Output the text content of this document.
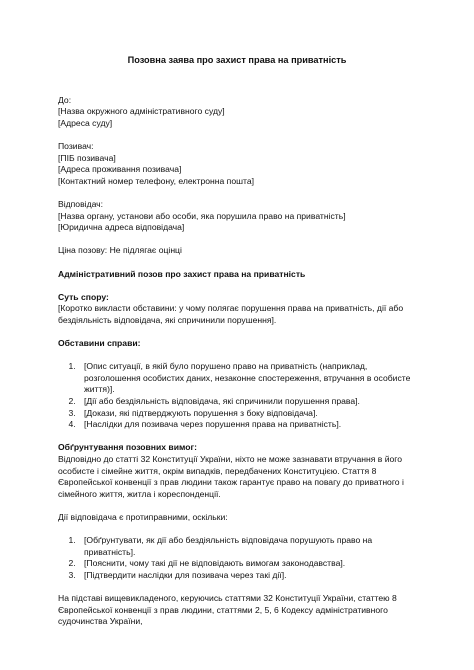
Позовна заява про захист права на приватність
До:
[Назва окружного адміністративного суду]
[Адреса суду]
Позивач:
[ПІБ позивача]
[Адреса проживання позивача]
[Контактний номер телефону, електронна пошта]
Відповідач:
[Назва органу, установи або особи, яка порушила право на приватність]
[Юридична адреса відповідача]

Ціна позову: Не підлягає оцінці

Адміністративний позов про захист права на приватність

Суть спору:

[Коротко викласти обставини: у чому полягає порушення права на приватність, дії або бездіяльність відповідача, які спричинили порушення].

Обставини справи:

1. [Опис ситуації, в якій було порушено право на приватність (наприклад, розголошення особистих даних, незаконне спостереження, втручання в особисте життя)].
2. [Дії або бездіяльність відповідача, які спричинили порушення права].
3. [Докази, які підтверджують порушення з боку відповідача].
4. [Наслідки для позивача через порушення права на приватність].

Обґрунтування позовних вимог:

Відповідно до статті 32 Конституції України, ніхто не може зазнавати втручання в його особисте і сімейне життя, окрім випадків, передбачених Конституцією. Стаття 8 Європейської конвенції з прав людини також гарантує право на повагу до приватного і сімейного життя, житла і кореспонденції.

Дії відповідача є протиправними, оскільки:

1. [Обґрунтувати, як дії або бездіяльність відповідача порушують право на приватність].
2. [Пояснити, чому такі дії не відповідають вимогам законодавства].
3. [Підтвердити наслідки для позивача через такі дії].

На підставі вищевикладеного, керуючись статтями 32 Конституції України, статтею 8 Європейської конвенції з прав людини, статтями 2, 5, 6 Кодексу адміністративного судочинства України,
